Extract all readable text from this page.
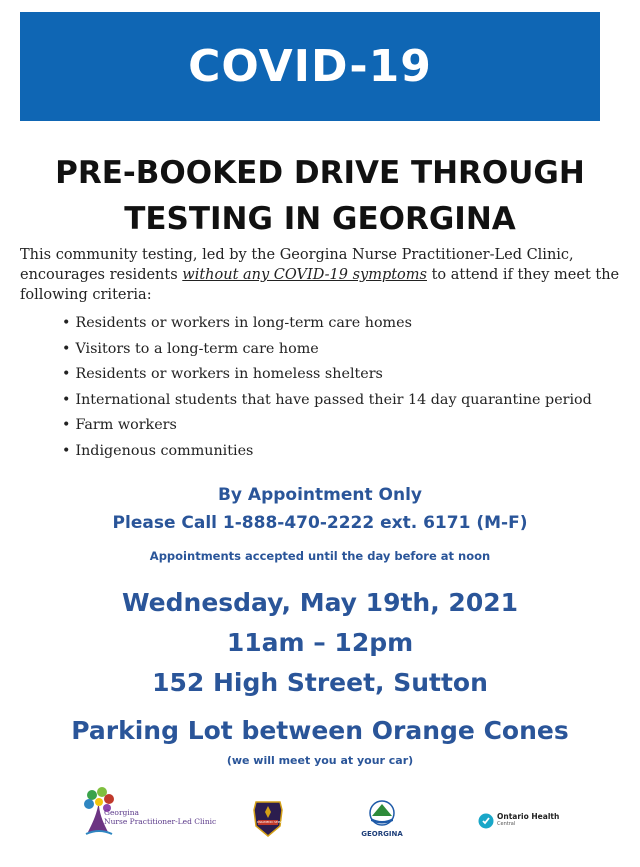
COVID-19
PRE-BOOKED DRIVE THROUGH
TESTING IN GEORGINA
This community testing, led by the Georgina Nurse Practitioner-Led Clinic, encourages residents without any COVID-19 symptoms to attend if they meet the following criteria:
• Residents or workers in long-term care homes
• Visitors to a long-term care home
• Residents or workers in homeless shelters
• International students that have passed their 14 day quarantine period
• Farm workers
• Indigenous communities
By Appointment Only
Please Call 1-888-470-2222 ext. 6171 (M-F)
Appointments accepted until the day before at noon
Wednesday, May 19th, 2021
11am – 12pm
152 High Street, Sutton
Parking Lot between Orange Cones
(we will meet you at your car)
Georgina
Nurse Practitioner-Led Clinic	PARAMEDIC SERVICES
GEORGINA
Ontario Health
Central
